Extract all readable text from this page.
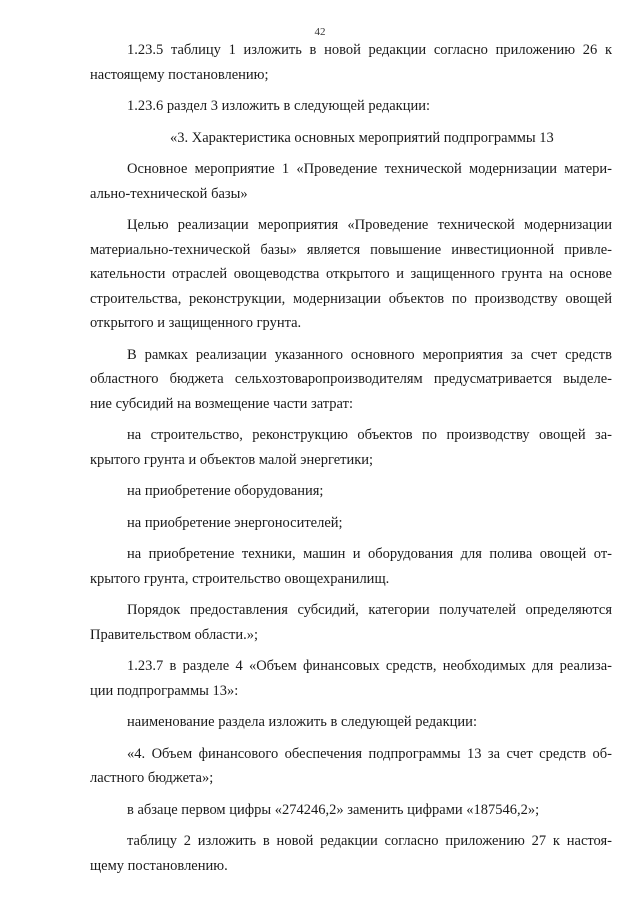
42
1.23.5 таблицу 1 изложить в новой редакции согласно приложению 26 к
настоящему постановлению;
1.23.6 раздел 3 изложить в следующей редакции:
«3. Характеристика основных мероприятий подпрограммы 13
Основное мероприятие 1 «Проведение технической модернизации матери-
ально-технической базы»
Целью реализации мероприятия «Проведение технической модернизации
материально-технической базы» является повышение инвестиционной привле-
кательности отраслей овощеводства открытого и защищенного грунта на основе
строительства, реконструкции, модернизации объектов по производству овощей
открытого и защищенного грунта.
В рамках реализации указанного основного мероприятия за счет средств
областного бюджета сельхозтоваропроизводителям предусматривается выделе-
ние субсидий на возмещение части затрат:
на строительство, реконструкцию объектов по производству овощей за-
крытого грунта и объектов малой энергетики;
на приобретение оборудования;
на приобретение энергоносителей;
на приобретение техники, машин и оборудования для полива овощей от-
крытого грунта, строительство овощехранилищ.
Порядок предоставления субсидий, категории получателей определяются
Правительством области.»;
1.23.7 в разделе 4 «Объем финансовых средств, необходимых для реализа-
ции подпрограммы 13»:
наименование раздела изложить в следующей редакции:
«4. Объем финансового обеспечения подпрограммы 13 за счет средств об-
ластного бюджета»;
в абзаце первом цифры «274246,2» заменить цифрами «187546,2»;
таблицу 2 изложить в новой редакции согласно приложению 27 к настоя-
щему постановлению.
